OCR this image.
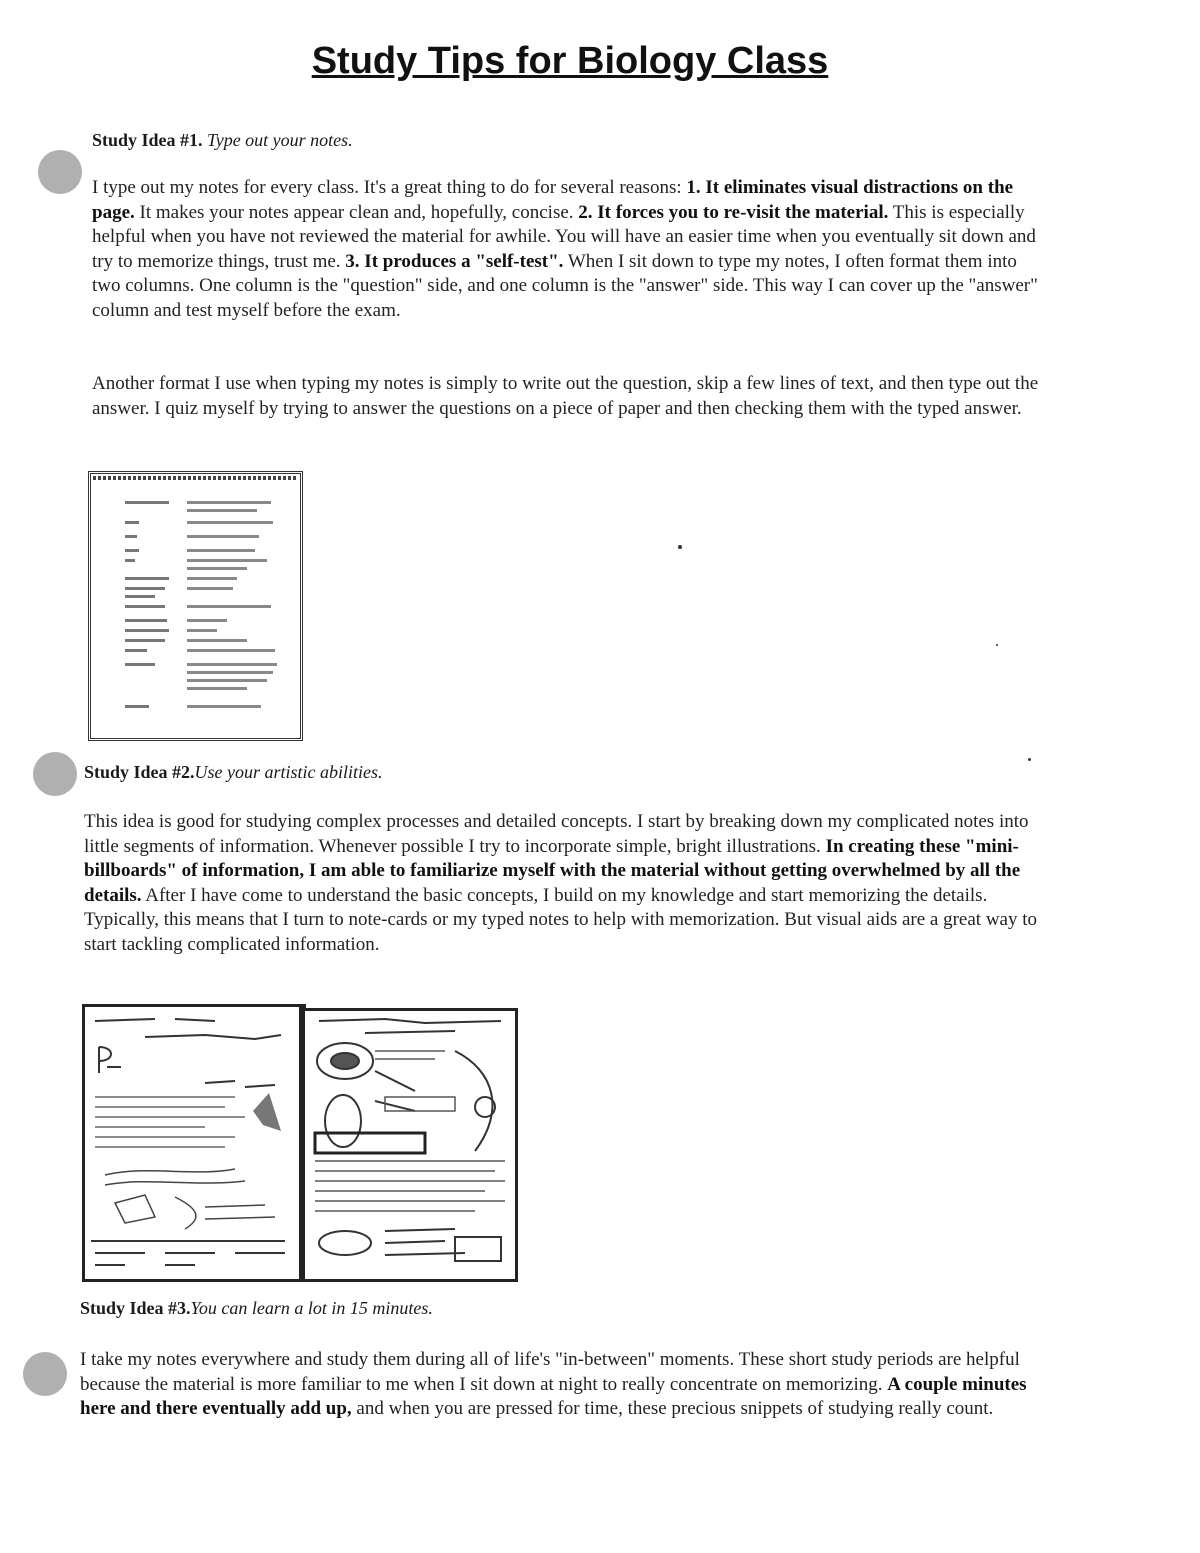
Study Tips for Biology Class
Study Idea #1. Type out your notes.

I type out my notes for every class. It's a great thing to do for several reasons: 1. It eliminates visual distractions on the page. It makes your notes appear clean and, hopefully, concise. 2. It forces you to re-visit the material. This is especially helpful when you have not reviewed the material for awhile. You will have an easier time when you eventually sit down and try to memorize things, trust me. 3. It produces a "self-test". When I sit down to type my notes, I often format them into two columns. One column is the "question" side, and one column is the "answer" side. This way I can cover up the "answer" column and test myself before the exam.

Another format I use when typing my notes is simply to write out the question, skip a few lines of text, and then type out the answer. I quiz myself by trying to answer the questions on a piece of paper and then checking them with the typed answer.

Study Idea #2.Use your artistic abilities.

This idea is good for studying complex processes and detailed concepts. I start by breaking down my complicated notes into little segments of information. Whenever possible I try to incorporate simple, bright illustrations. In creating these "mini-billboards" of information, I am able to familiarize myself with the material without getting overwhelmed by all the details. After I have come to understand the basic concepts, I build on my knowledge and start memorizing the details. Typically, this means that I turn to note-cards or my typed notes to help with memorization. But visual aids are a great way to start tackling complicated information.

Study Idea #3.You can learn a lot in 15 minutes.

I take my notes everywhere and study them during all of life's "in-between" moments. These short study periods are helpful because the material is more familiar to me when I sit down at night to really concentrate on memorizing. A couple minutes here and there eventually add up, and when you are pressed for time, these precious snippets of studying really count.
